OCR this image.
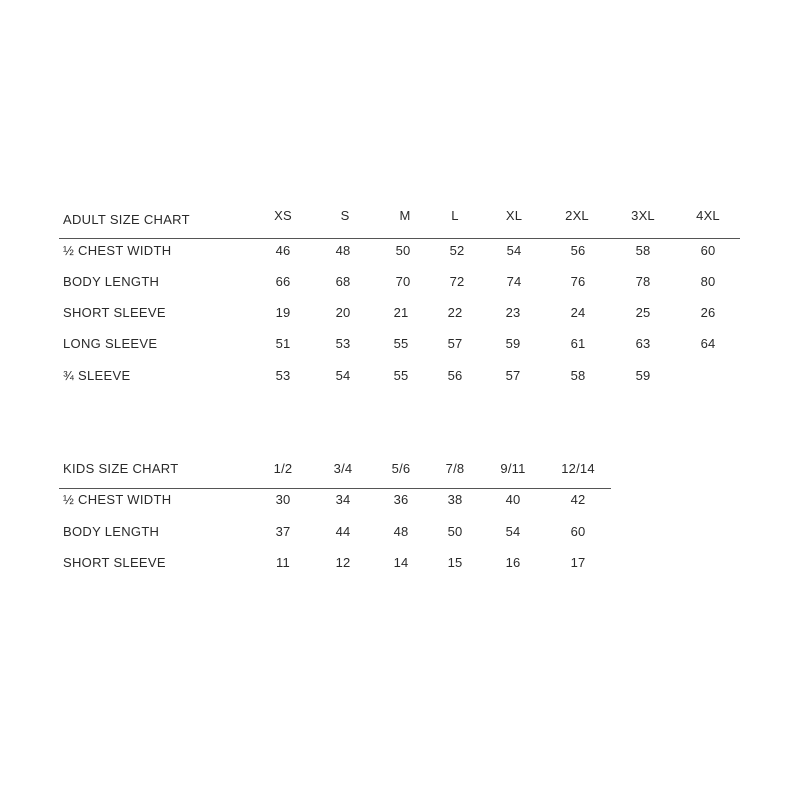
ADULT SIZE CHART	XS	S	M	L	XL	2XL	3XL	4XL
½ CHEST WIDTH	46	48	50	52	54	56	58	60
BODY LENGTH	66	68	70	72	74	76	78	80
SHORT SLEEVE	19	20	21	22	23	24	25	26
LONG SLEEVE	51	53	55	57	59	61	63	64
¾ SLEEVE	53	54	55	56	57	58	59
KIDS SIZE CHART	1/2	3/4	5/6	7/8	9/11	12/14
½ CHEST WIDTH	30	34	36	38	40	42
BODY LENGTH	37	44	48	50	54	60
SHORT SLEEVE	11	12	14	15	16	17
